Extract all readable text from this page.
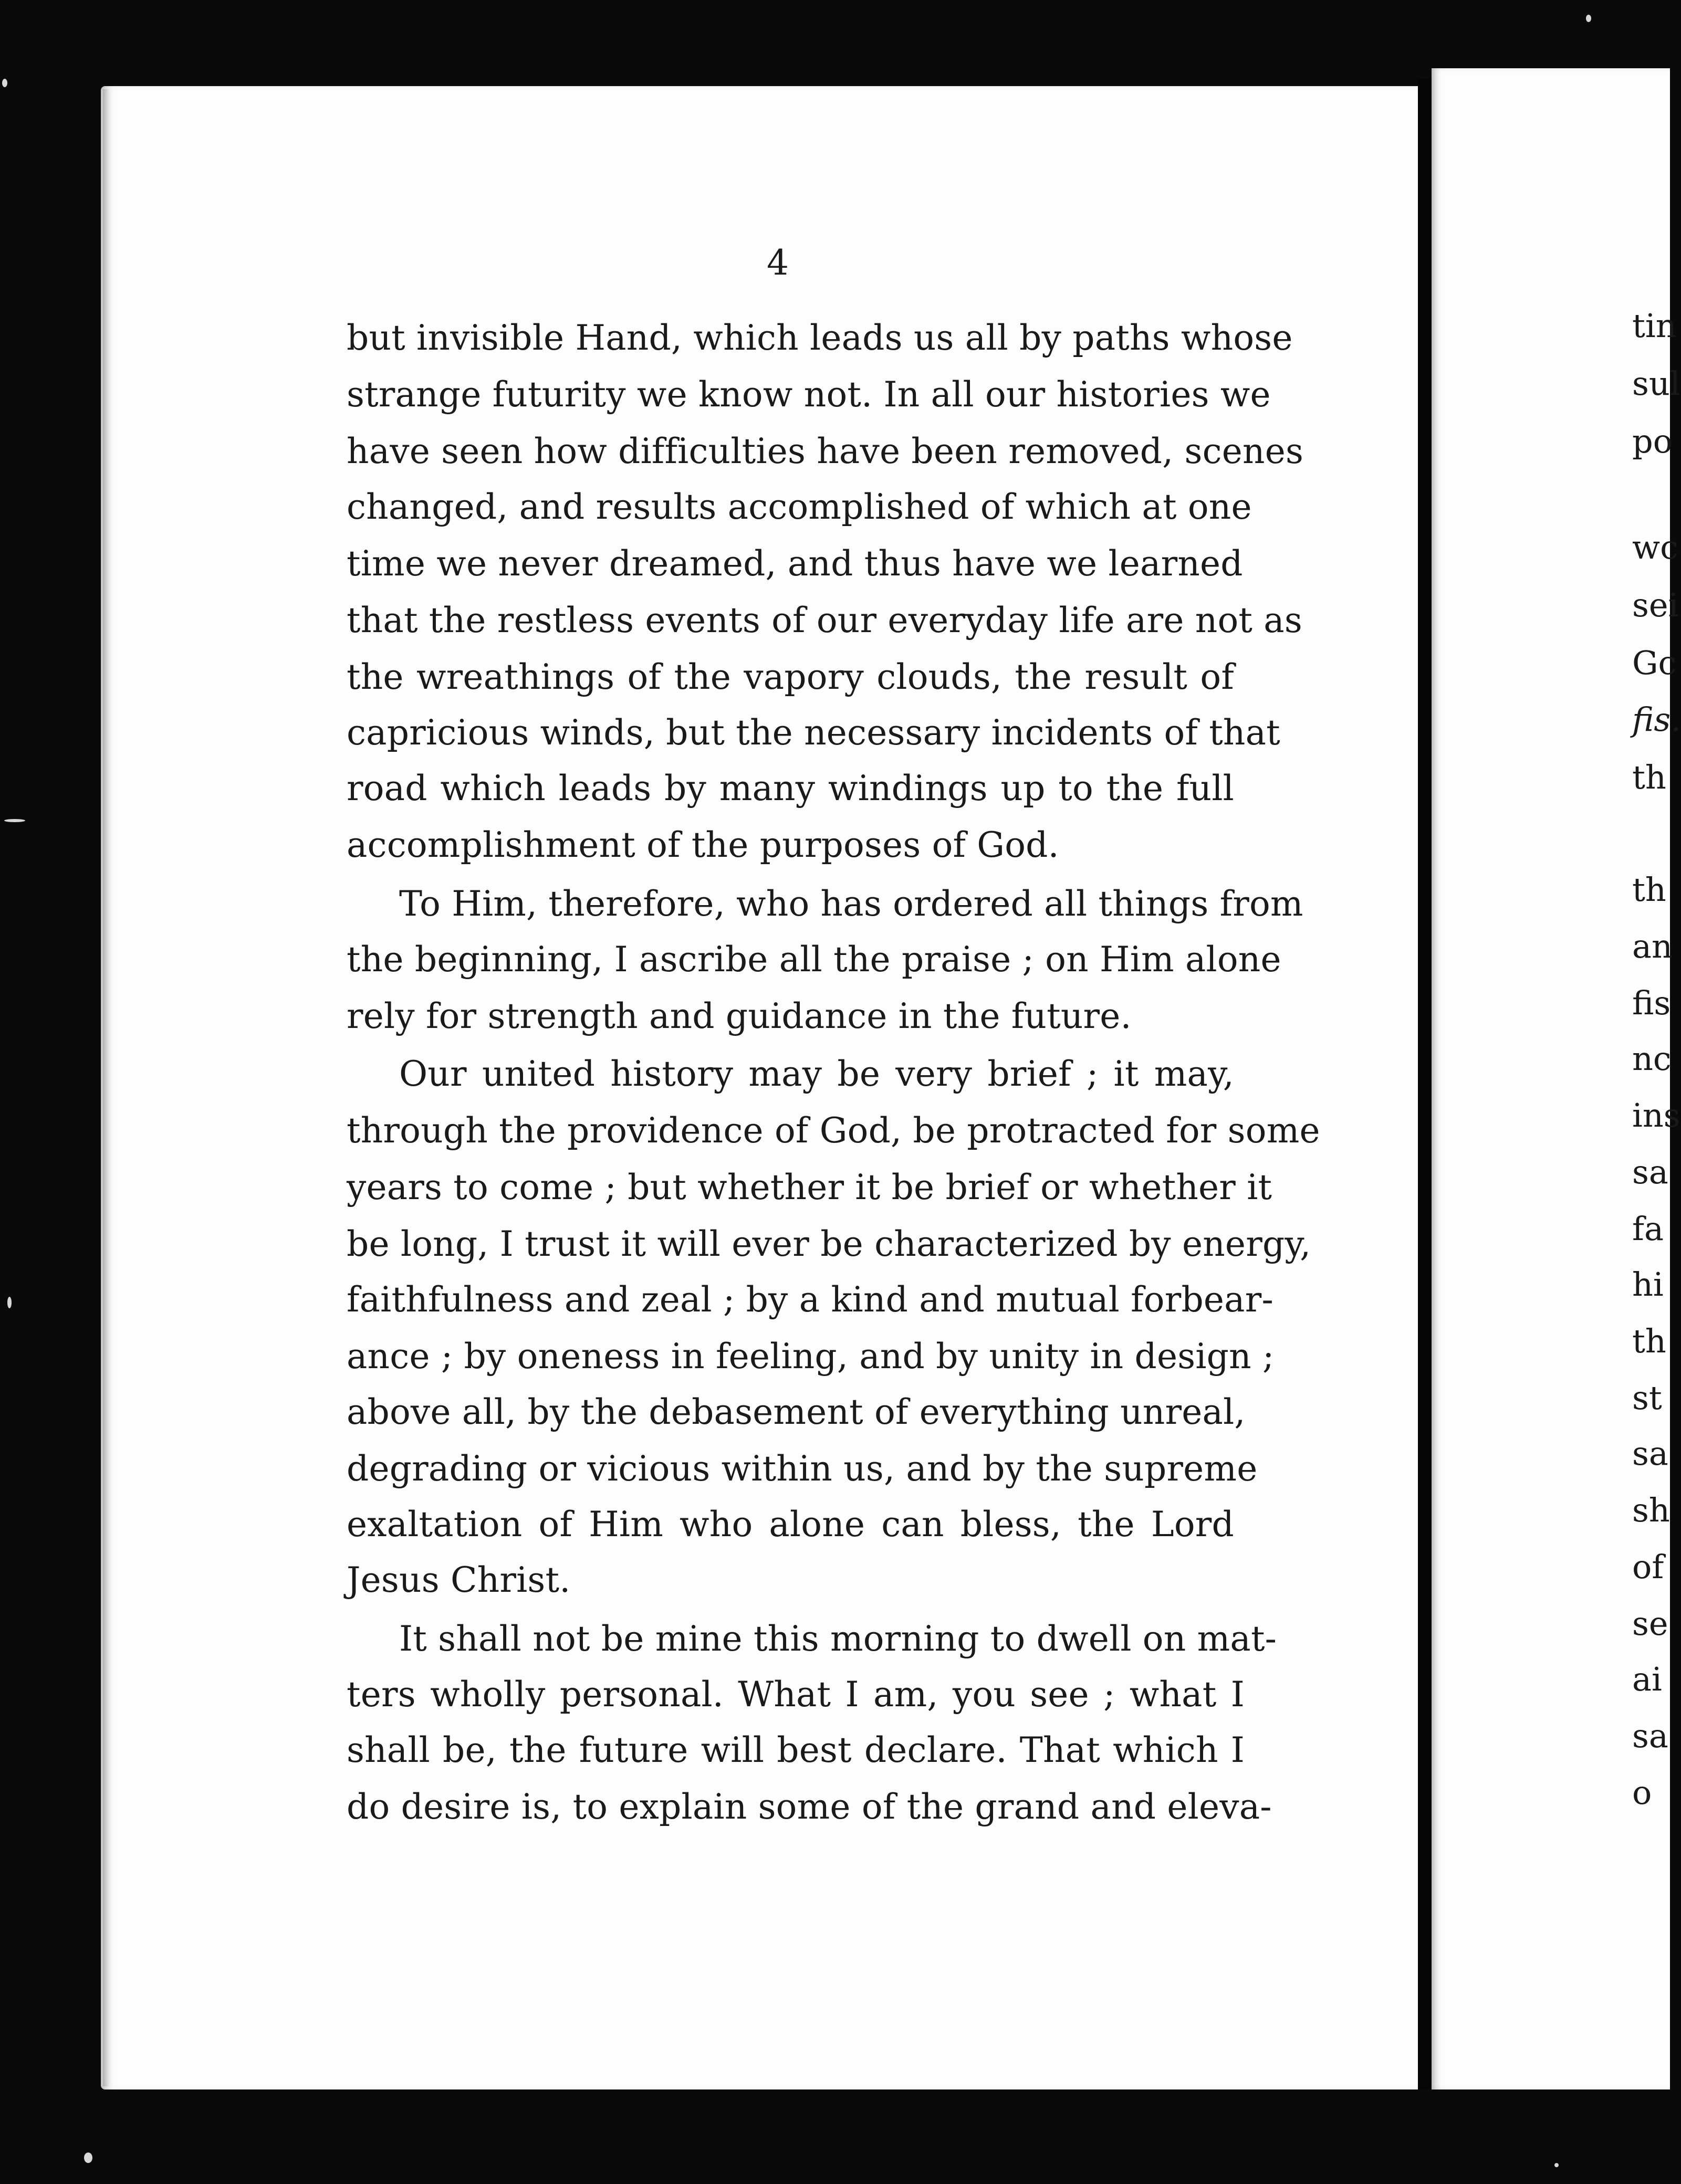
4
but invisible Hand, which leads us all by paths whose
strange futurity we know not. In all our histories we
have seen how difficulties have been removed, scenes
changed, and results accomplished of which at one
time we never dreamed, and thus have we learned
that the restless events of our everyday life are not as
the wreathings of the vapory clouds, the result of
capricious winds, but the necessary incidents of that
road which leads by many windings up to the full
accomplishment of the purposes of God.
To Him, therefore, who has ordered all things from
the beginning, I ascribe all the praise ; on Him alone
rely for strength and guidance in the future.
Our united history may be very brief ; it may,
through the providence of God, be protracted for some
years to come ; but whether it be brief or whether it
be long, I trust it will ever be characterized by energy,
faithfulness and zeal ; by a kind and mutual forbear-
ance ; by oneness in feeling, and by unity in design ;
above all, by the debasement of everything unreal,
degrading or vicious within us, and by the supreme
exaltation of Him who alone can bless, the Lord
Jesus Christ.
It shall not be mine this morning to dwell on mat-
ters wholly personal. What I am, you see ; what I
shall be, the future will best declare. That which I
do desire is, to explain some of the grand and eleva-
tin
sul
po
wc
sei
Gc
fis.
th
th
an
fis
nc
ins
sa
fa
hi
th
st
sa
sh
of
se
ai
sa
o
